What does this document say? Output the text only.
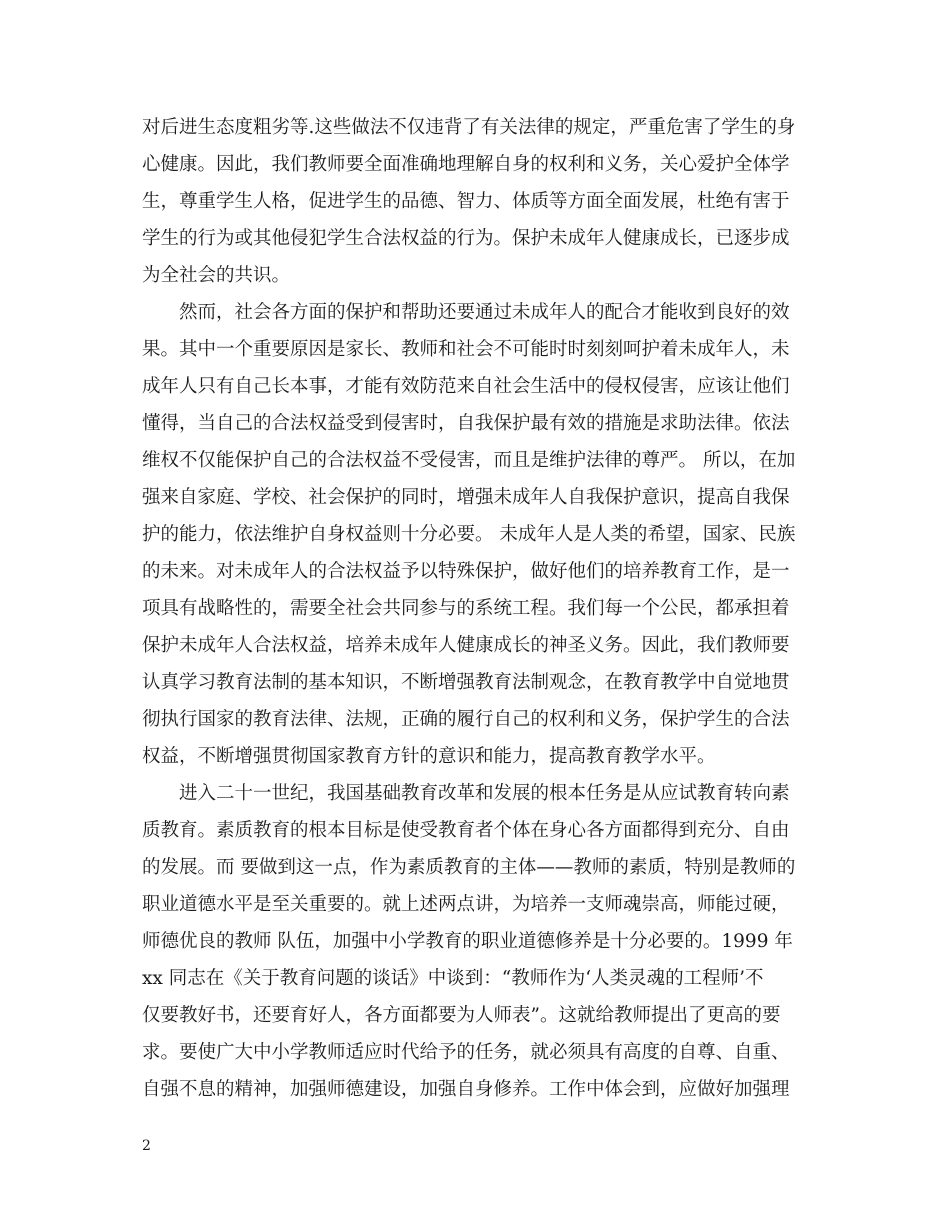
对后进生态度粗劣等.这些做法不仅违背了有关法律的规定，严重危害了学生的身
心健康。因此，我们教师要全面准确地理解自身的权利和义务，关心爱护全体学
生，尊重学生人格，促进学生的品德、智力、体质等方面全面发展，杜绝有害于
学生的行为或其他侵犯学生合法权益的行为。保护未成年人健康成长，已逐步成
为全社会的共识。
然而，社会各方面的保护和帮助还要通过未成年人的配合才能收到良好的效
果。其中一个重要原因是家长、教师和社会不可能时时刻刻呵护着未成年人，未
成年人只有自己长本事，才能有效防范来自社会生活中的侵权侵害，应该让他们
懂得，当自己的合法权益受到侵害时，自我保护最有效的措施是求助法律。依法
维权不仅能保护自己的合法权益不受侵害，而且是维护法律的尊严。 所以，在加
强来自家庭、学校、社会保护的同时，增强未成年人自我保护意识，提高自我保
护的能力，依法维护自身权益则十分必要。 未成年人是人类的希望，国家、民族
的未来。对未成年人的合法权益予以特殊保护，做好他们的培养教育工作，是一
项具有战略性的，需要全社会共同参与的系统工程。我们每一个公民，都承担着
保护未成年人合法权益，培养未成年人健康成长的神圣义务。因此，我们教师要
认真学习教育法制的基本知识，不断增强教育法制观念，在教育教学中自觉地贯
彻执行国家的教育法律、法规，正确的履行自己的权利和义务，保护学生的合法
权益，不断增强贯彻国家教育方针的意识和能力，提高教育教学水平。
进入二十一世纪，我国基础教育改革和发展的根本任务是从应试教育转向素
质教育。素质教育的根本目标是使受教育者个体在身心各方面都得到充分、自由
的发展。而 要做到这一点，作为素质教育的主体——教师的素质，特别是教师的
职业道德水平是至关重要的。就上述两点讲，为培养一支师魂崇高，师能过硬，
师德优良的教师 队伍，加强中小学教育的职业道德修养是十分必要的。1999 年
xx 同志在《关于教育问题的谈话》中谈到：“教师作为‘人类灵魂的工程师’不
仅要教好书，还要育好人，各方面都要为人师表”。这就给教师提出了更高的要
求。要使广大中小学教师适应时代给予的任务，就必须具有高度的自尊、自重、
自强不息的精神，加强师德建设，加强自身修养。工作中体会到，应做好加强理
2
